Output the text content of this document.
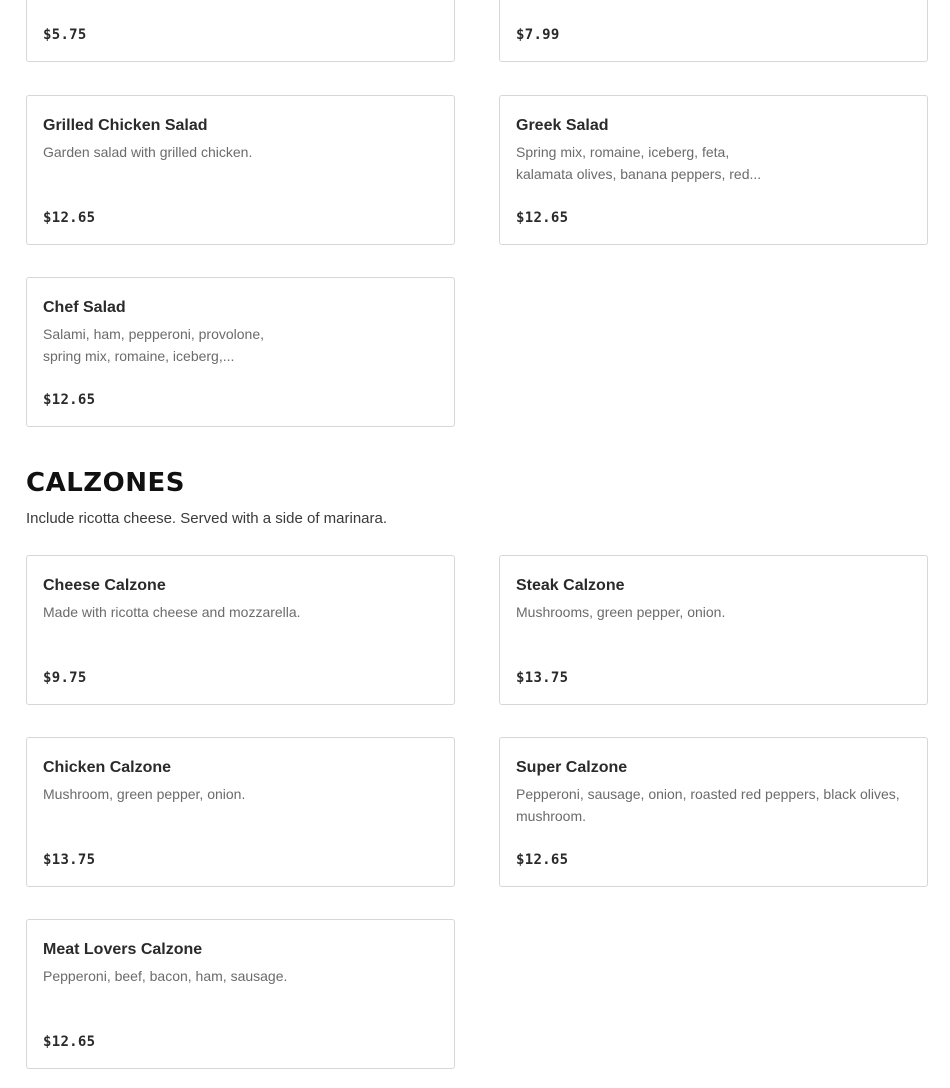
$5.75	$7.99
Grilled Chicken Salad
Garden salad with grilled chicken.
$12.65
Greek Salad
Spring mix, romaine, iceberg, feta, kalamata olives, banana peppers, red...
$12.65
Chef Salad
Salami, ham, pepperoni, provolone, spring mix, romaine, iceberg,...
$12.65
CALZONES

Include ricotta cheese. Served with a side of marinara.

Cheese Calzone
Made with ricotta cheese and mozzarella.
$9.75
Steak Calzone
Mushrooms, green pepper, onion.
$13.75
Chicken Calzone
Mushroom, green pepper, onion.
$13.75
Super Calzone
Pepperoni, sausage, onion, roasted red peppers, black olives, mushroom.
$12.65
Meat Lovers Calzone
Pepperoni, beef, bacon, ham, sausage.
$12.65
